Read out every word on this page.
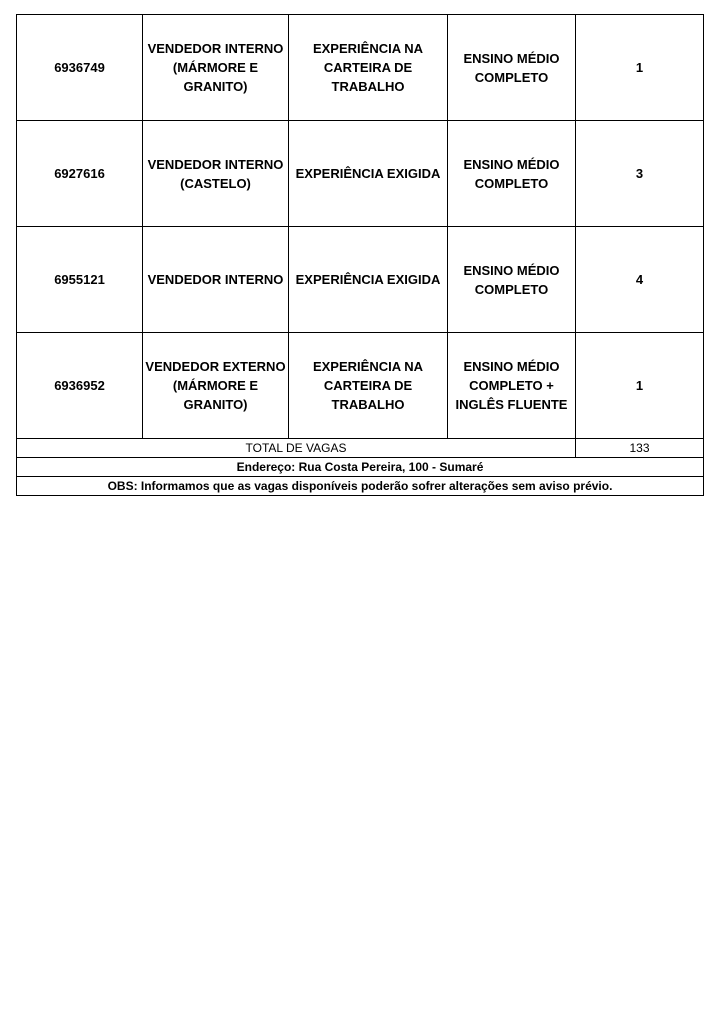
6936749	VENDEDOR INTERNO
(MÁRMORE E
GRANITO)	EXPERIÊNCIA NA
CARTEIRA DE TRABALHO	ENSINO MÉDIO
COMPLETO	1
6927616	VENDEDOR INTERNO
(CASTELO)	EXPERIÊNCIA EXIGIDA	ENSINO MÉDIO
COMPLETO	3
6955121	VENDEDOR INTERNO	EXPERIÊNCIA EXIGIDA	ENSINO MÉDIO
COMPLETO	4
6936952	VENDEDOR EXTERNO
(MÁRMORE E
GRANITO)	EXPERIÊNCIA NA
CARTEIRA DE TRABALHO	ENSINO MÉDIO
COMPLETO +
INGLÊS FLUENTE	1
TOTAL DE VAGAS				133
Endereço: Rua Costa Pereira, 100 - Sumaré				
OBS: Informamos que as vagas disponíveis poderão sofrer alterações sem aviso prévio.				
